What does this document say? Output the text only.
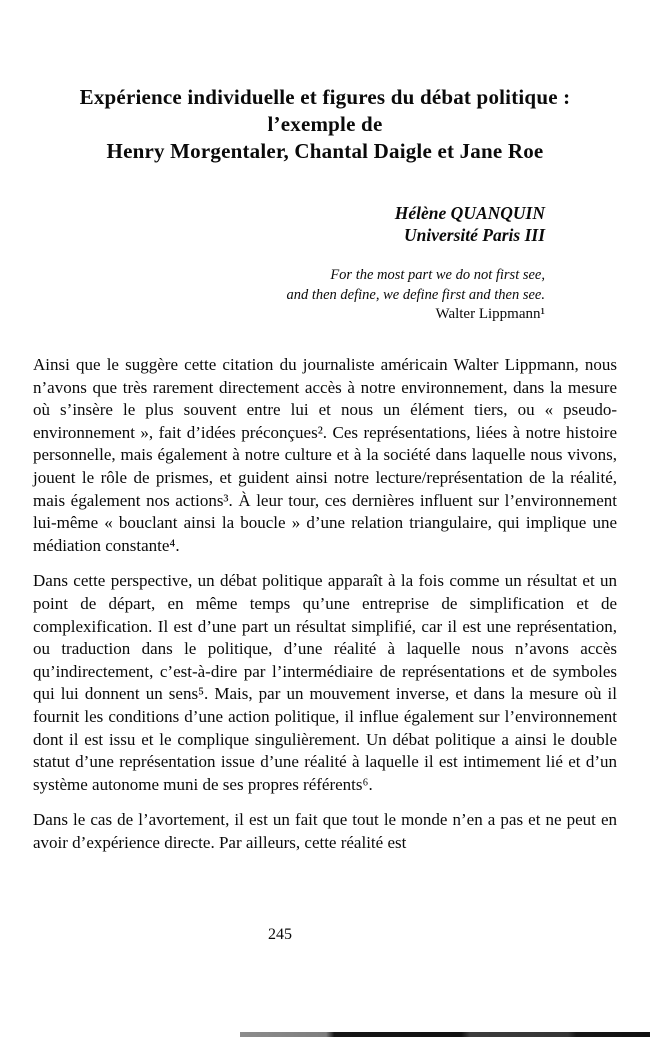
Expérience individuelle et figures du débat politique :
l’exemple de
Henry Morgentaler, Chantal Daigle et Jane Roe
Hélène QUANQUIN
Université Paris III
For the most part we do not first see,
and then define, we define first and then see.
Walter Lippmann¹

Ainsi que le suggère cette citation du journaliste américain Walter Lippmann, nous n’avons que très rarement directement accès à notre environnement, dans la mesure où s’insère le plus souvent entre lui et nous un élément tiers, ou « pseudo-environnement », fait d’idées préconçues². Ces représentations, liées à notre histoire personnelle, mais également à notre culture et à la société dans laquelle nous vivons, jouent le rôle de prismes, et guident ainsi notre lecture/représentation de la réalité, mais également nos actions³. À leur tour, ces dernières influent sur l’environnement lui-même « bouclant ainsi la boucle » d’une relation triangulaire, qui implique une médiation constante⁴.

Dans cette perspective, un débat politique apparaît à la fois comme un résultat et un point de départ, en même temps qu’une entreprise de simplification et de complexification. Il est d’une part un résultat simplifié, car il est une représentation, ou traduction dans le politique, d’une réalité à laquelle nous n’avons accès qu’indirectement, c’est-à-dire par l’intermédiaire de représentations et de symboles qui lui donnent un sens⁵. Mais, par un mouvement inverse, et dans la mesure où il fournit les conditions d’une action politique, il influe également sur l’environnement dont il est issu et le complique singulièrement. Un débat politique a ainsi le double statut d’une représentation issue d’une réalité à laquelle il est intimement lié et d’un système autonome muni de ses propres référents⁶.

Dans le cas de l’avortement, il est un fait que tout le monde n’en a pas et ne peut en avoir d’expérience directe. Par ailleurs, cette réalité est

245
